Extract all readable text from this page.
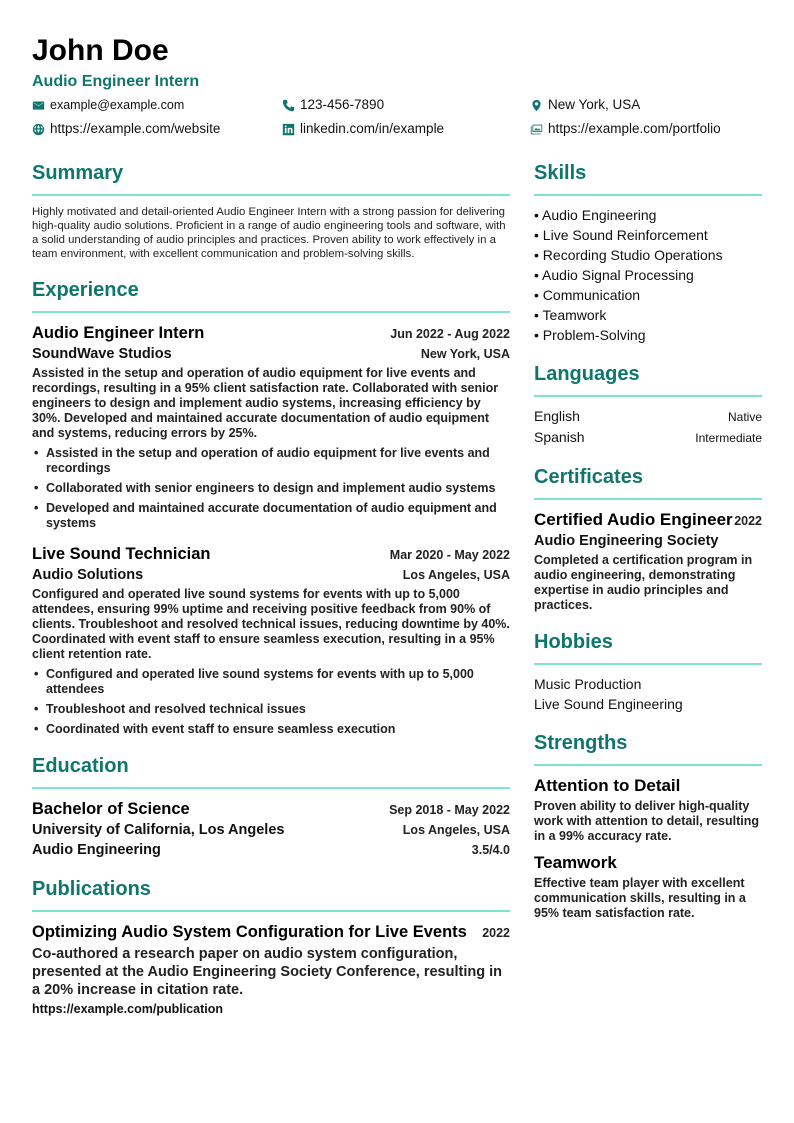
John Doe
Audio Engineer Intern
example@example.com	123-456-7890	New York, USA
https://example.com/website	linkedin.com/in/example	https://example.com/portfolio
Summary
Highly motivated and detail-oriented Audio Engineer Intern with a strong passion for delivering high-quality audio solutions. Proficient in a range of audio engineering tools and software, with a solid understanding of audio principles and practices. Proven ability to work effectively in a team environment, with excellent communication and problem-solving skills.
Experience
Audio Engineer Intern	Jun 2022 - Aug 2022
SoundWave Studios	New York, USA
Assisted in the setup and operation of audio equipment for live events and recordings, resulting in a 95% client satisfaction rate. Collaborated with senior engineers to design and implement audio systems, increasing efficiency by 30%. Developed and maintained accurate documentation of audio equipment and systems, reducing errors by 25%.
• Assisted in the setup and operation of audio equipment for live events and recordings
• Collaborated with senior engineers to design and implement audio systems
• Developed and maintained accurate documentation of audio equipment and systems
Live Sound Technician	Mar 2020 - May 2022
Audio Solutions	Los Angeles, USA
Configured and operated live sound systems for events with up to 5,000 attendees, ensuring 99% uptime and receiving positive feedback from 90% of clients. Troubleshoot and resolved technical issues, reducing downtime by 40%. Coordinated with event staff to ensure seamless execution, resulting in a 95% client retention rate.
• Configured and operated live sound systems for events with up to 5,000 attendees
• Troubleshoot and resolved technical issues
• Coordinated with event staff to ensure seamless execution
Education
Bachelor of Science	Sep 2018 - May 2022
University of California, Los Angeles	Los Angeles, USA
Audio Engineering	3.5/4.0
Publications
Optimizing Audio System Configuration for Live Events 2022
Co-authored a research paper on audio system configuration, presented at the Audio Engineering Society Conference, resulting in a 20% increase in citation rate.
https://example.com/publication
Skills
• Audio Engineering
• Live Sound Reinforcement
• Recording Studio Operations
• Audio Signal Processing
• Communication
• Teamwork
• Problem-Solving
Languages
English	Native
Spanish	Intermediate
Certificates
Certified Audio Engineer 2022
Audio Engineering Society
Completed a certification program in audio engineering, demonstrating expertise in audio principles and practices.
Hobbies
Music Production
Live Sound Engineering
Strengths
Attention to Detail
Proven ability to deliver high-quality work with attention to detail, resulting in a 99% accuracy rate.
Teamwork
Effective team player with excellent communication skills, resulting in a 95% team satisfaction rate.
